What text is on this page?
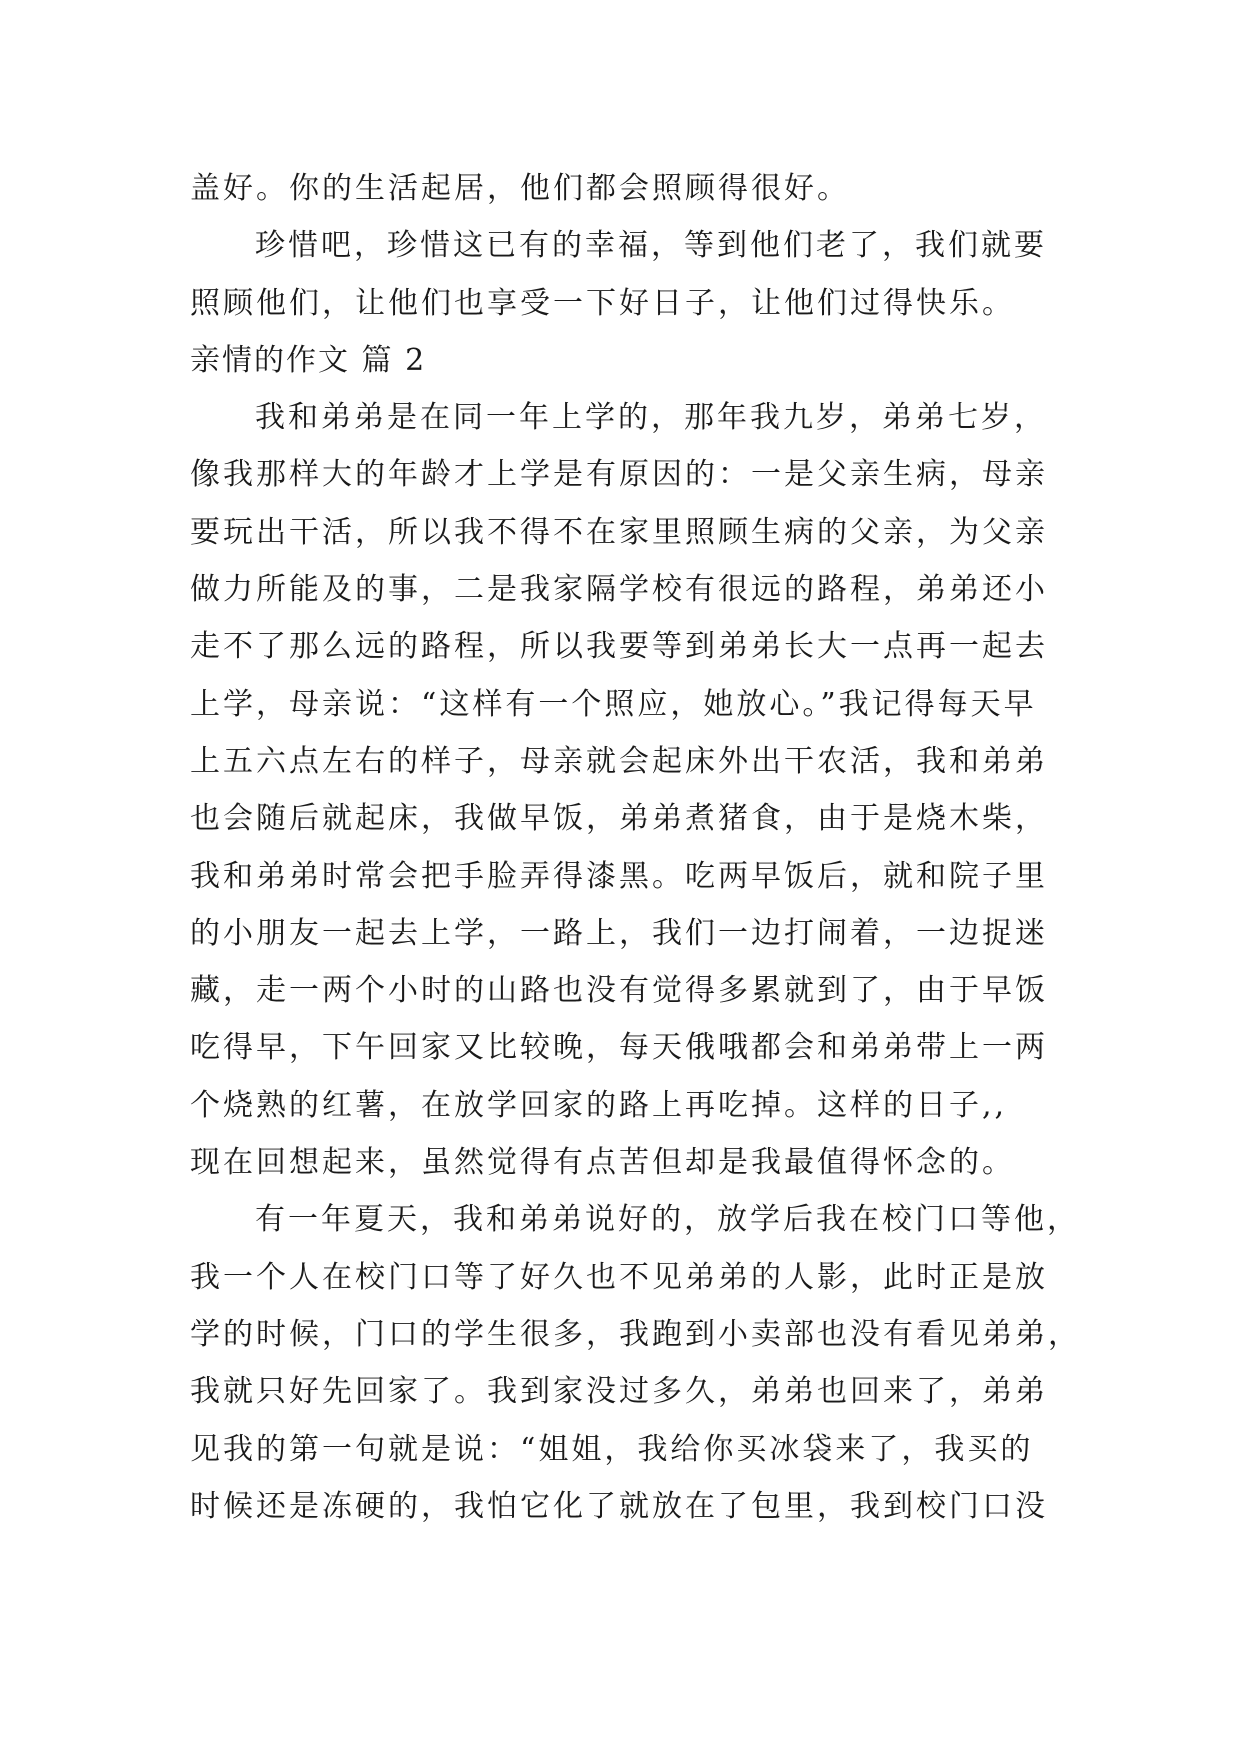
盖好。你的生活起居，他们都会照顾得很好。
珍惜吧，珍惜这已有的幸福，等到他们老了，我们就要
照顾他们，让他们也享受一下好日子，让他们过得快乐。
亲情的作文 篇 2
我和弟弟是在同一年上学的，那年我九岁，弟弟七岁，
像我那样大的年龄才上学是有原因的：一是父亲生病，母亲
要玩出干活，所以我不得不在家里照顾生病的父亲，为父亲
做力所能及的事，二是我家隔学校有很远的路程，弟弟还小
走不了那么远的路程，所以我要等到弟弟长大一点再一起去
上学，母亲说：“这样有一个照应，她放心。”我记得每天早
上五六点左右的样子，母亲就会起床外出干农活，我和弟弟
也会随后就起床，我做早饭，弟弟煮猪食，由于是烧木柴，
我和弟弟时常会把手脸弄得漆黑。吃两早饭后，就和院子里
的小朋友一起去上学，一路上，我们一边打闹着，一边捉迷
藏，走一两个小时的山路也没有觉得多累就到了，由于早饭
吃得早，下午回家又比较晚，每天俄哦都会和弟弟带上一两
个烧熟的红薯，在放学回家的路上再吃掉。这样的日子,,
现在回想起来，虽然觉得有点苦但却是我最值得怀念的。
有一年夏天，我和弟弟说好的，放学后我在校门口等他，
我一个人在校门口等了好久也不见弟弟的人影，此时正是放
学的时候，门口的学生很多，我跑到小卖部也没有看见弟弟，
我就只好先回家了。我到家没过多久，弟弟也回来了，弟弟
见我的第一句就是说：“姐姐，我给你买冰袋来了，我买的
时候还是冻硬的，我怕它化了就放在了包里，我到校门口没
